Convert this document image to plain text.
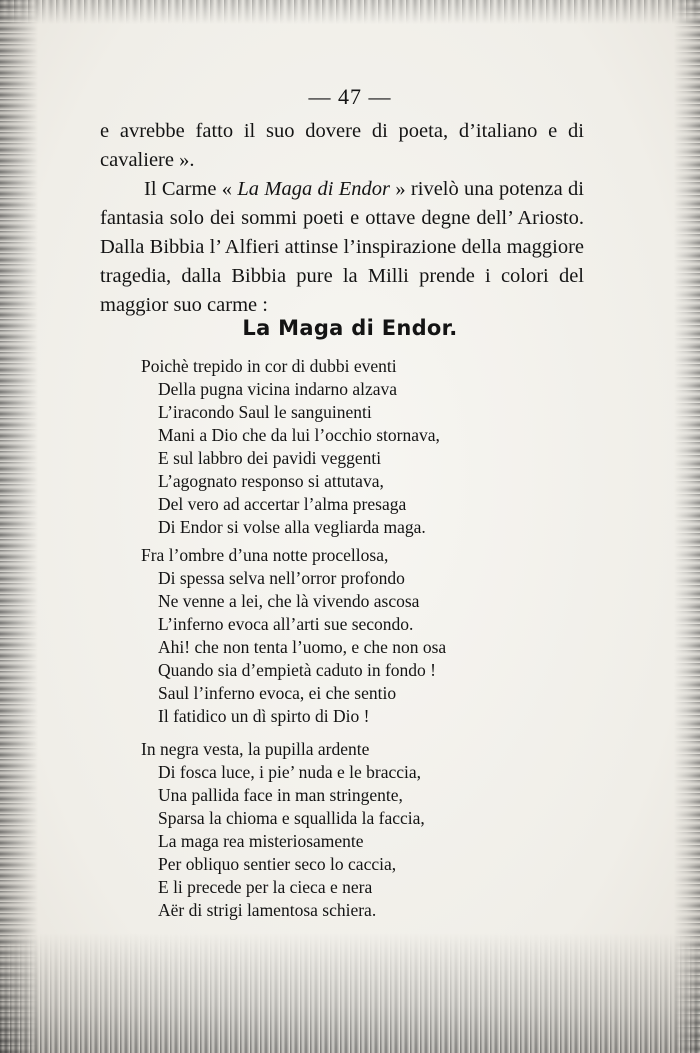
— 47 —

e avrebbe fatto il suo dovere di poeta, d’italiano e di cavaliere ».

Il Carme « La Maga di Endor » rivelò una potenza di fantasia solo dei sommi poeti e ottave degne dell’ Ariosto. Dalla Bibbia l’ Alfieri attinse l’inspirazione della maggiore tragedia, dalla Bibbia pure la Milli prende i colori del maggior suo carme :

La Maga di Endor.
Poichè trepido in cor di dubbi eventi
Della pugna vicina indarno alzava
L’iracondo Saul le sanguinenti
Mani a Dio che da lui l’occhio stornava,
E sul labbro dei pavidi veggenti
L’agognato responso si attutava,
Del vero ad accertar l’alma presaga
Di Endor si volse alla vegliarda maga.
Fra l’ombre d’una notte procellosa,
Di spessa selva nell’orror profondo
Ne venne a lei, che là vivendo ascosa
L’inferno evoca all’arti sue secondo.
Ahi! che non tenta l’uomo, e che non osa
Quando sia d’empietà caduto in fondo !
Saul l’inferno evoca, ei che sentio
Il fatidico un dì spirto di Dio !
In negra vesta, la pupilla ardente
Di fosca luce, i pie’ nuda e le braccia,
Una pallida face in man stringente,
Sparsa la chioma e squallida la faccia,
La maga rea misteriosamente
Per obliquo sentier seco lo caccia,
E li precede per la cieca e nera
Aër di strigi lamentosa schiera.
